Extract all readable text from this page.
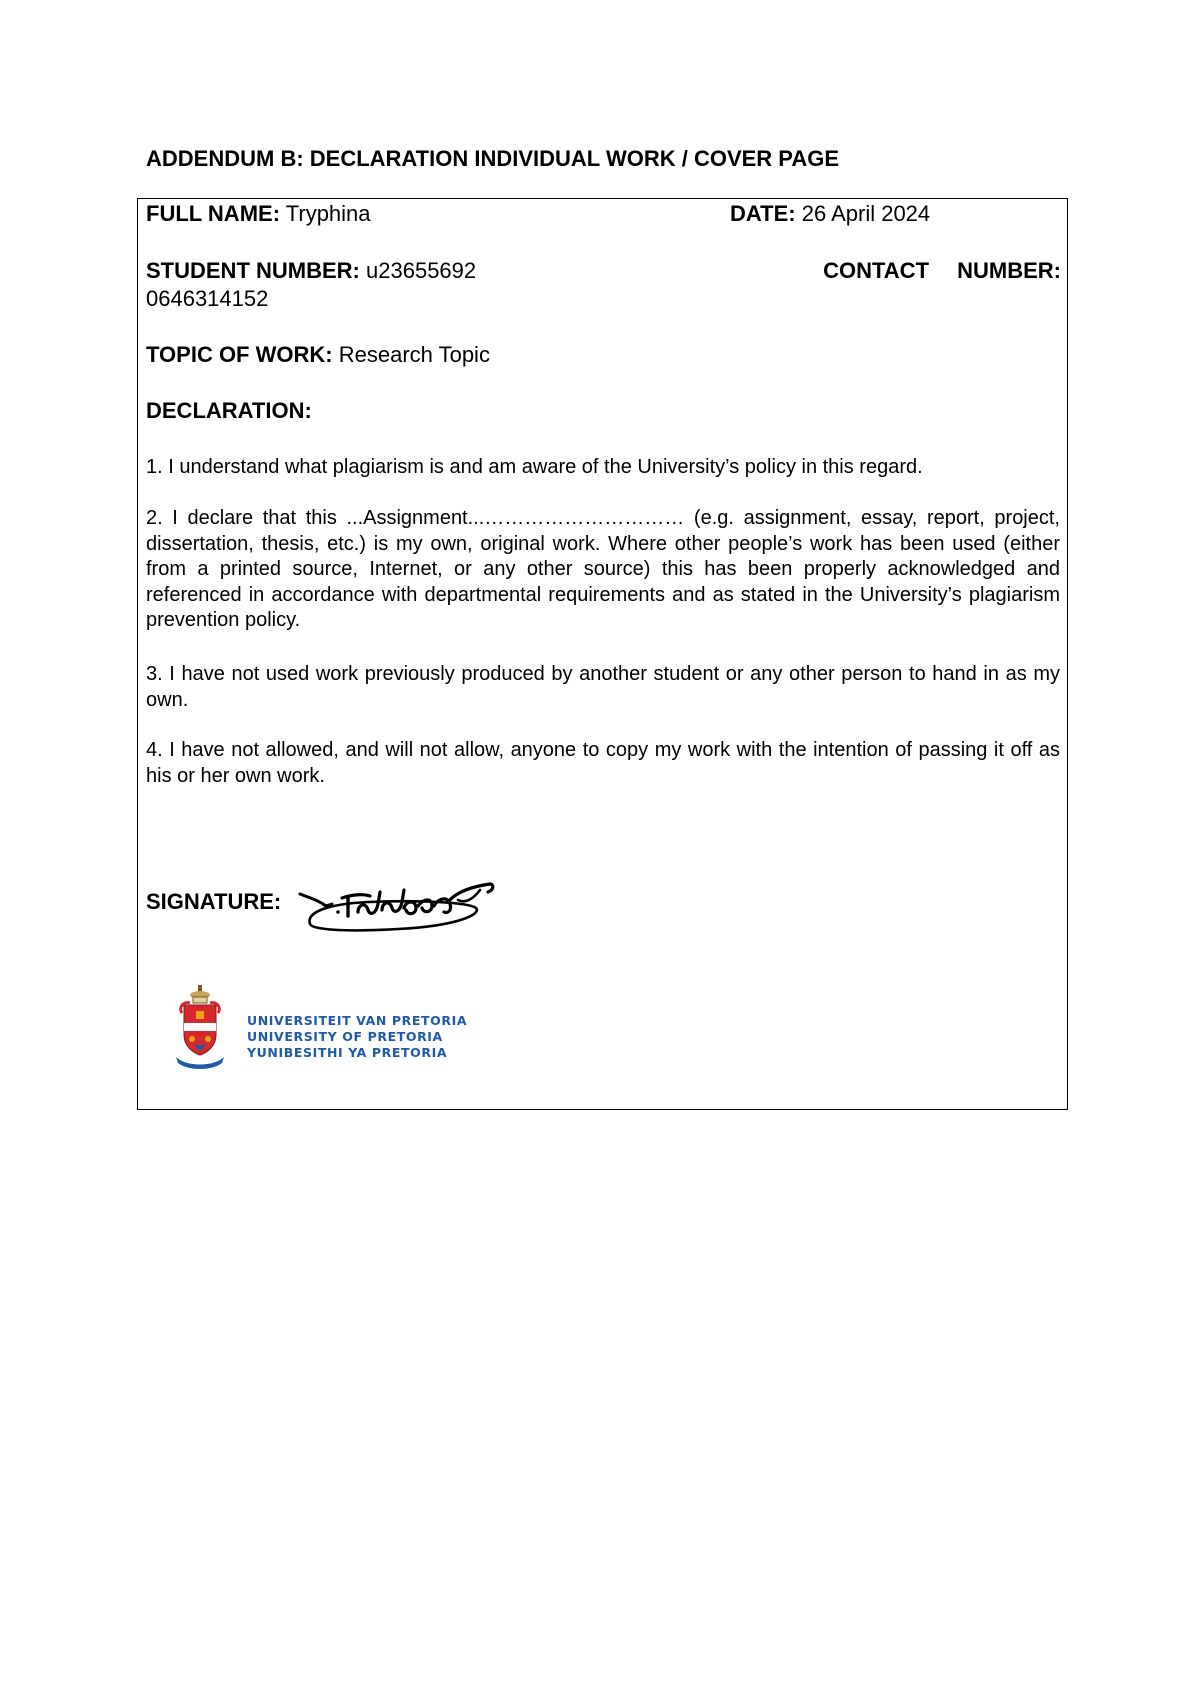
ADDENDUM B: DECLARATION INDIVIDUAL WORK / COVER PAGE
FULL NAME: Tryphina	DATE: 26 April 2024
STUDENT NUMBER: u23655692	CONTACT NUMBER:
0646314152
TOPIC OF WORK: Research Topic
DECLARATION:
1. I understand what plagiarism is and am aware of the University’s policy in this regard.
2. I declare that this ...Assignment...………………………… (e.g. assignment, essay, report, project, dissertation, thesis, etc.) is my own, original work. Where other people’s work has been used (either from a printed source, Internet, or any other source) this has been properly acknowledged and referenced in accordance with departmental requirements and as stated in the University’s plagiarism prevention policy.
3. I have not used work previously produced by another student or any other person to hand in as my own.
4. I have not allowed, and will not allow, anyone to copy my work with the intention of passing it off as his or her own work.
SIGNATURE:
UNIVERSITEIT VAN PRETORIA
UNIVERSITY OF PRETORIA
YUNIBESITHI YA PRETORIA
